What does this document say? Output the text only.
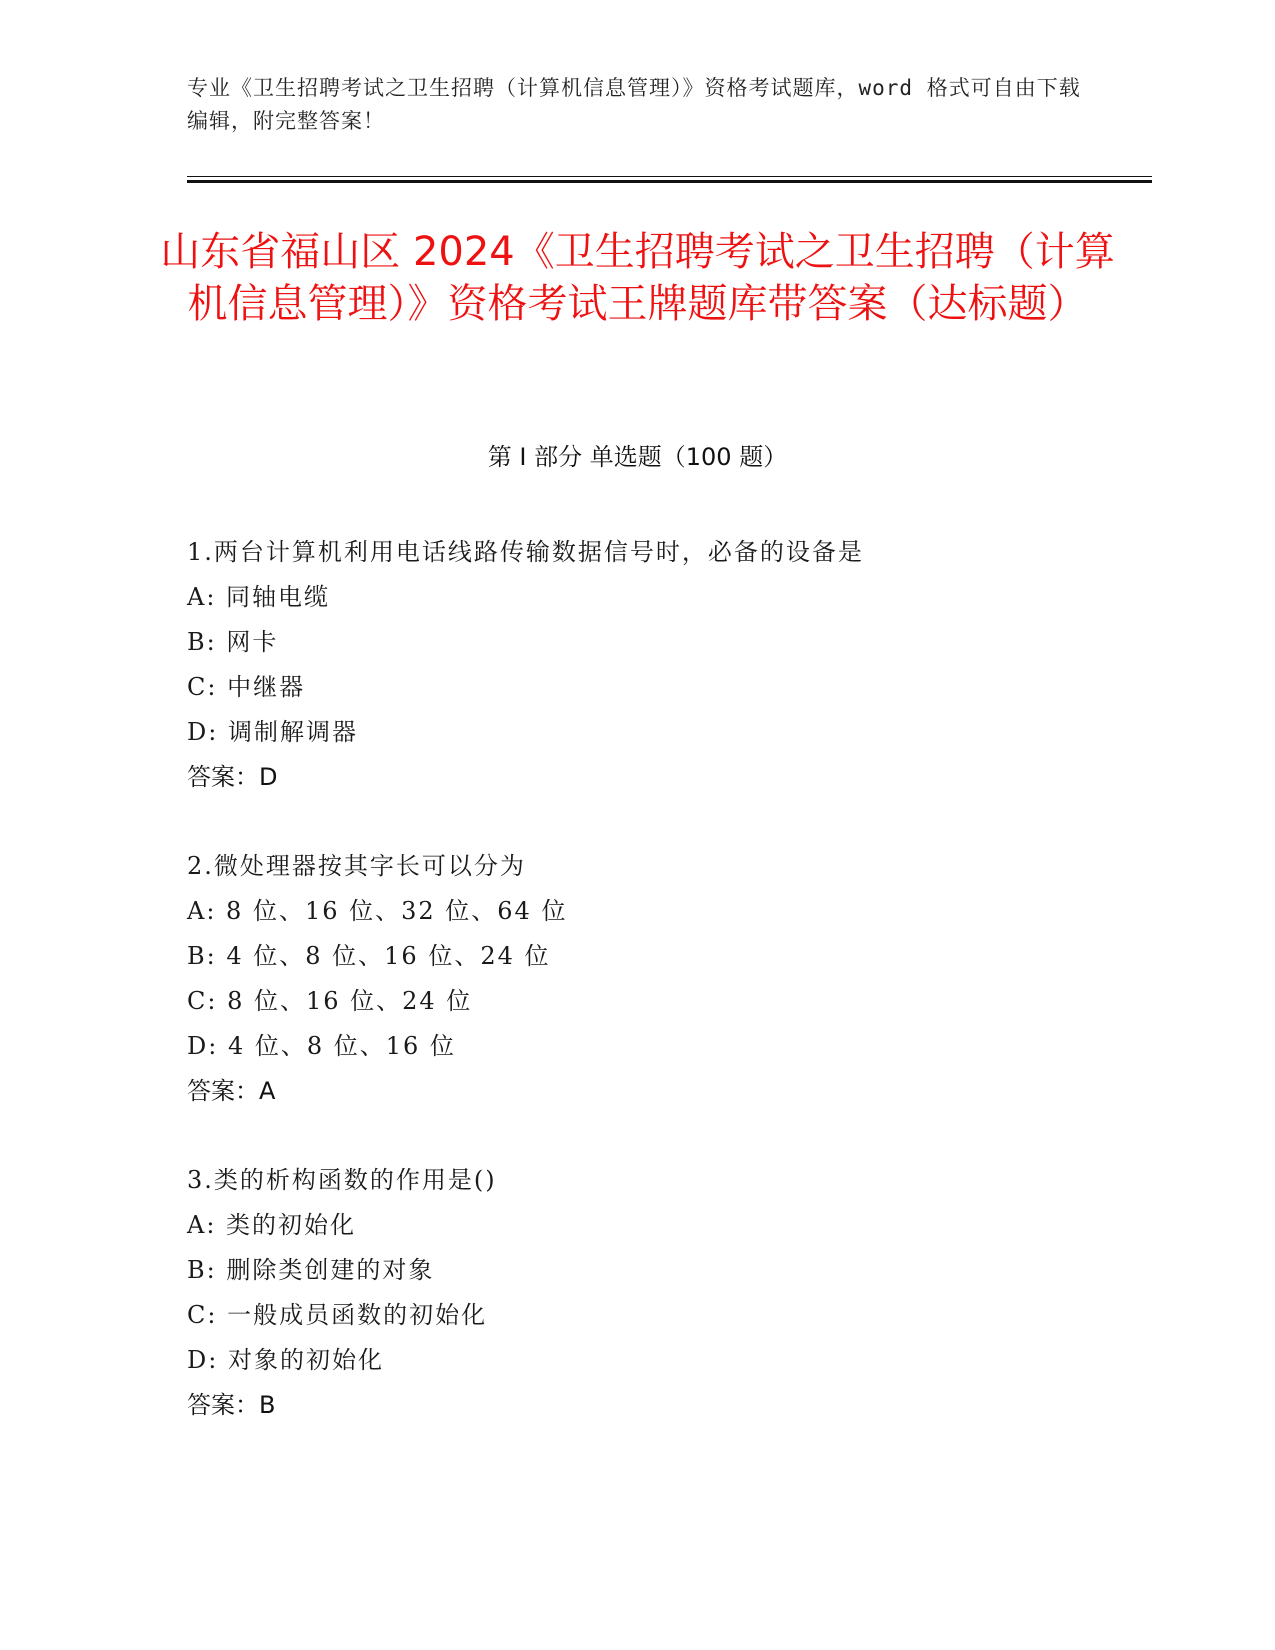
专业《卫生招聘考试之卫生招聘（计算机信息管理）》资格考试题库，word 格式可自由下载编辑，附完整答案！
山东省福山区 2024《卫生招聘考试之卫生招聘（计算机信息管理）》资格考试王牌题库带答案（达标题）
第 I 部分 单选题（100 题）
1.两台计算机利用电话线路传输数据信号时，必备的设备是
A: 同轴电缆
B: 网卡
C: 中继器
D: 调制解调器
答案：D
2.微处理器按其字长可以分为
A: 8 位、16 位、32 位、64 位
B: 4 位、8 位、16 位、24 位
C: 8 位、16 位、24 位
D: 4 位、8 位、16 位
答案：A
3.类的析构函数的作用是()
A: 类的初始化
B: 删除类创建的对象
C: 一般成员函数的初始化
D: 对象的初始化
答案：B
